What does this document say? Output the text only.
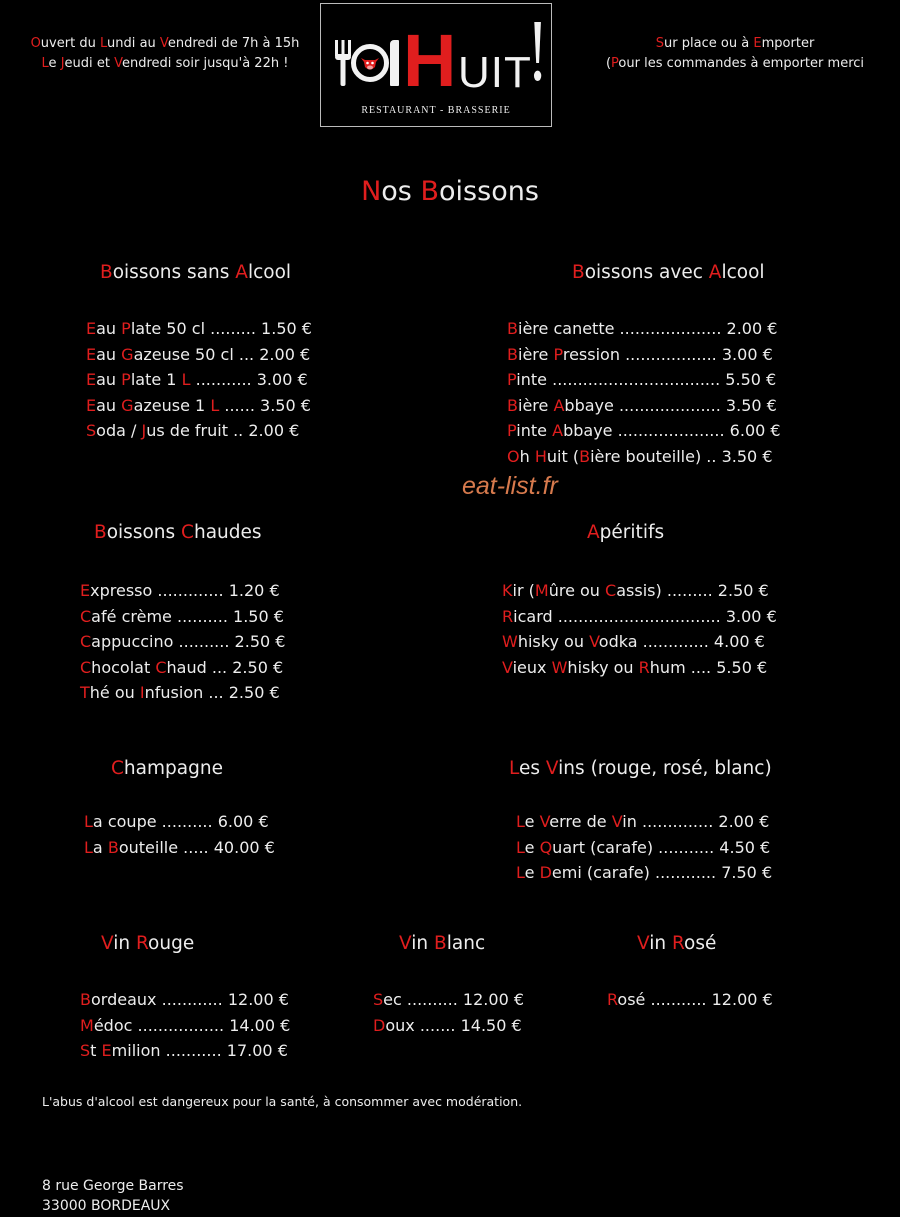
Ouvert du Lundi au Vendredi de 7h à 15h
Le Jeudi et Vendredi soir jusqu'à 22h ! H UIT
!
RESTAURANT - BRASSERIE
Sur place ou à Emporter
(Pour les commandes à emporter merci
Nos Boissons
Boissons sans Alcool
Eau Plate 50 cl ......... 1.50 €
Eau Gazeuse 50 cl ... 2.00 €
Eau Plate 1 L ........... 3.00 €
Eau Gazeuse 1 L ...... 3.50 €
Soda / Jus de fruit .. 2.00 €
Boissons avec Alcool
Bière canette .................... 2.00 €
Bière Pression .................. 3.00 €
Pinte ................................. 5.50 €
Bière Abbaye .................... 3.50 €
Pinte Abbaye ..................... 6.00 €
Oh Huit (Bière bouteille) .. 3.50 €
eat-list.fr
Boissons Chaudes
Expresso ............. 1.20 €
Café crème .......... 1.50 €
Cappuccino .......... 2.50 €
Chocolat Chaud ... 2.50 €
Thé ou Infusion ... 2.50 €
Apéritifs
Kir (Mûre ou Cassis) ......... 2.50 €
Ricard ................................ 3.00 €
Whisky ou Vodka ............. 4.00 €
Vieux Whisky ou Rhum .... 5.50 €
Champagne
La coupe .......... 6.00 €
La Bouteille ..... 40.00 €
Les Vins (rouge, rosé, blanc)
Le Verre de Vin .............. 2.00 €
Le Quart (carafe) ........... 4.50 €
Le Demi (carafe) ............ 7.50 €
Vin Rouge
Bordeaux ............ 12.00 €
Médoc ................. 14.00 €
St Emilion ........... 17.00 €
Vin Blanc
Sec .......... 12.00 €
Doux ....... 14.50 €
Vin Rosé
Rosé ........... 12.00 €
L'abus d'alcool est dangereux pour la santé, à consommer avec modération.
8 rue George Barres
33000 BORDEAUX
